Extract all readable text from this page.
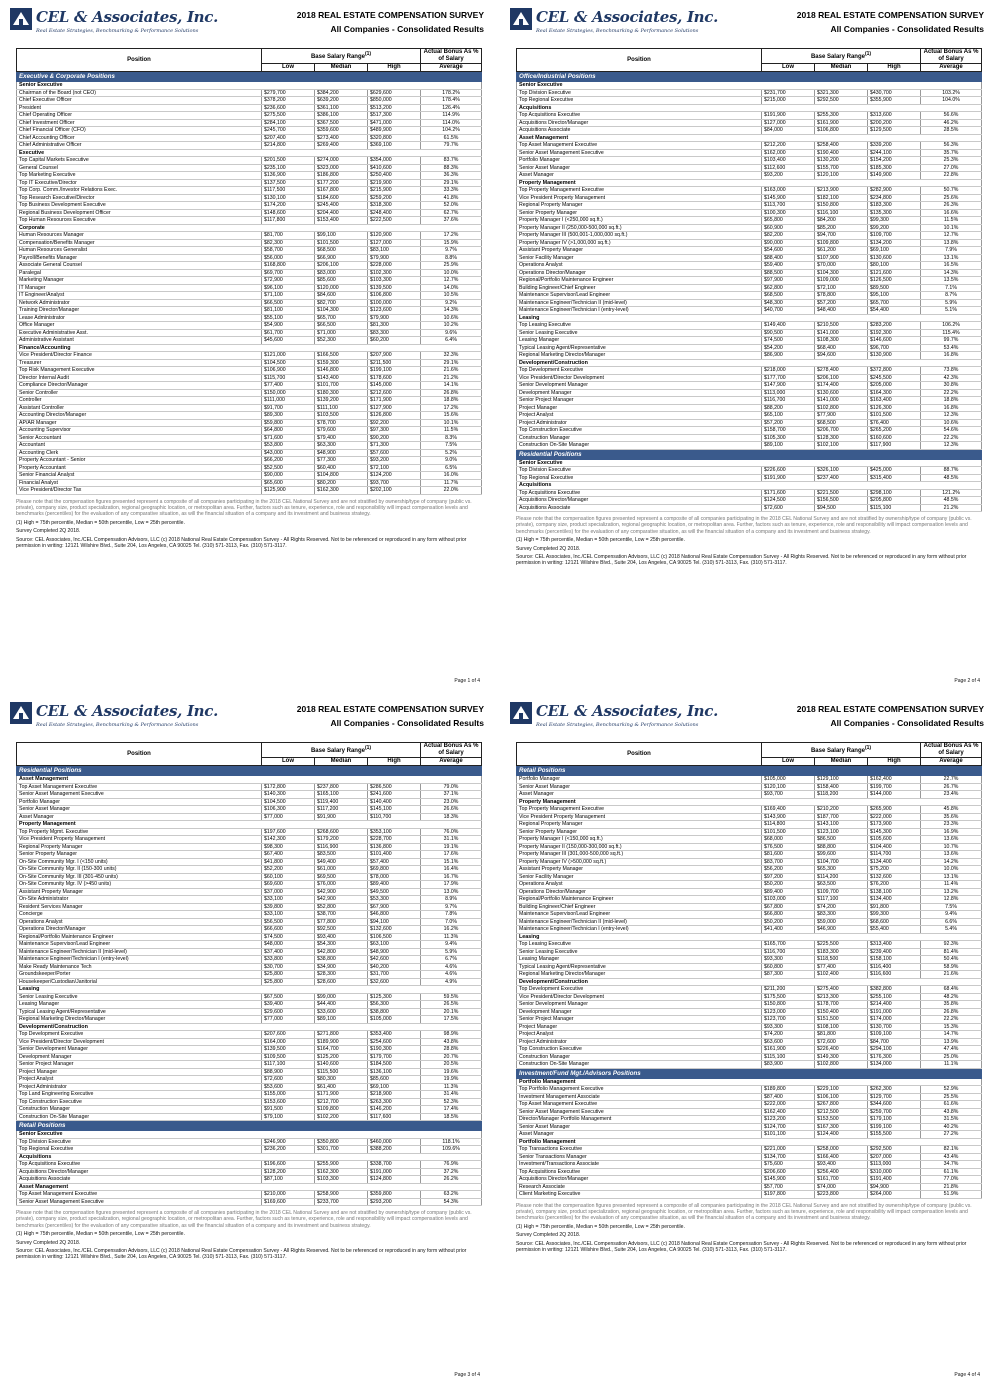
CEL & Associates, Inc.
Real Estate Strategies, Benchmarking & Performance Solutions
2018 REAL ESTATE COMPENSATION SURVEY
All Companies - Consolidated Results
Position	Base Salary Range$^{(1)}$			Actual Bonus As % of Salary
	Low	Median	High	Average
Executive & Corporate Positions				
Senior Executive				
Chairman of the Board (not CEO)	$279,700	$384,200	$629,600	178.2%
Chief Executive Officer	$378,200	$639,200	$850,000	178.4%
President	$236,600	$361,100	$513,200	126.4%
Chief Operating Officer	$275,500	$386,100	$517,300	114.9%
Chief Investment Officer	$284,100	$367,500	$471,000	114.0%
Chief Financial Officer (CFO)	$245,700	$359,600	$489,900	104.2%
Chief Accounting Officer	$207,400	$273,400	$320,800	61.5%
Chief Administrative Officer	$214,800	$269,400	$369,100	79.7%
Executive				
Top Capital Markets Executive	$201,500	$274,000	$354,000	83.7%
General Counsel	$235,100	$323,000	$410,600	88.3%
Top Marketing Executive	$136,900	$186,800	$250,400	36.3%
Top IT Executive/Director	$137,500	$177,200	$219,900	29.1%
Top Corp. Comm./Investor Relations Exec.	$117,500	$167,800	$215,900	33.3%
Top Research Executive/Director	$130,100	$184,600	$259,200	41.8%
Top Business Development Executive	$174,200	$245,400	$318,300	52.0%
Regional Business Development Officer	$148,600	$204,400	$248,400	62.7%
Top Human Resources Executive	$117,800	$153,400	$222,500	37.6%
Corporate				
Human Resources Manager	$81,700	$99,100	$120,900	17.2%
Compensation/Benefits Manager	$82,300	$101,500	$127,000	15.9%
Human Resources Generalist	$58,700	$68,500	$83,100	9.7%
Payroll/Benefits Manager	$56,000	$66,900	$79,900	8.8%
Associate General Counsel	$168,800	$206,100	$228,000	25.9%
Paralegal	$69,700	$83,000	$102,300	10.0%
Marketing Manager	$72,900	$85,600	$103,300	12.7%
IT Manager	$96,100	$120,000	$139,500	14.0%
IT Engineer/Analyst	$71,100	$84,600	$106,800	10.5%
Network Administrator	$66,500	$82,700	$100,000	9.2%
Training Director/Manager	$81,100	$104,300	$123,600	14.3%
Lease Administrator	$55,100	$65,700	$79,900	10.6%
Office Manager	$54,900	$66,500	$81,300	10.2%
Executive Administrative Asst.	$61,700	$71,000	$83,300	9.6%
Administrative Assistant	$45,600	$52,300	$60,200	6.4%
Finance/Accounting				
Vice President/Director Finance	$121,000	$166,500	$207,900	32.3%
Treasurer	$104,500	$159,300	$211,500	29.1%
Top Risk Management Executive	$106,900	$146,800	$199,100	21.6%
Director Internal Audit	$115,700	$143,400	$178,600	21.2%
Compliance Director/Manager	$77,400	$101,700	$145,000	14.1%
Senior Controller	$150,000	$180,300	$212,600	26.8%
Controller	$111,000	$139,200	$171,900	18.8%
Assistant Controller	$91,700	$111,100	$127,900	17.2%
Accounting Director/Manager	$89,300	$103,500	$126,800	15.6%
AP/AR Manager	$59,800	$78,700	$92,200	10.1%
Accounting Supervisor	$64,800	$79,600	$97,300	11.5%
Senior Accountant	$71,600	$79,400	$90,200	8.3%
Accountant	$53,800	$63,300	$71,300	7.5%
Accounting Clerk	$43,000	$48,900	$57,600	5.2%
Property Accountant - Senior	$66,200	$77,300	$93,200	9.0%
Property Accountant	$52,500	$60,400	$72,100	6.5%
Senior Financial Analyst	$90,000	$104,800	$124,200	16.0%
Financial Analyst	$65,600	$80,200	$93,700	11.7%
Vice President/Director Tax	$125,900	$162,300	$202,100	22.0%
Please note that the compensation figures presented represent a composite of all companies participating in the 2018 CEL National Survey and are not stratified by ownership/type of company (public vs. private), company size, product specialization, regional geographic location, or metropolitan area. Further, factors such as tenure, experience, role and responsibility will impact compensation levels and benchmarks (percentiles) for the evaluation of any comparative situation, as will the financial situation of a company and its investment and business strategy.
(1) High = 75th percentile, Median = 50th percentile, Low = 25th percentile.
Survey Completed 2Q 2018.
Source: CEL Associates, Inc./CEL Compensation Advisors, LLC (c) 2018 National Real Estate Compensation Survey - All Rights Reserved. Not to be referenced or reproduced in any form without prior permission in writing: 12121 Wilshire Blvd., Suite 204, Los Angeles, CA 90025 Tel. (310) 571-3113, Fax. (310) 571-3117.
Page 1 of 4
CEL & Associates, Inc.
Real Estate Strategies, Benchmarking & Performance Solutions
2018 REAL ESTATE COMPENSATION SURVEY
All Companies - Consolidated Results
Position	Base Salary Range$^{(1)}$			Actual Bonus As % of Salary
	Low	Median	High	Average
Office/Industrial Positions				
Senior Executive				
Top Division Executive	$231,700	$321,300	$430,700	103.2%
Top Regional Executive	$215,000	$292,500	$355,900	104.0%
Acquisitions				
Top Acquisitions Executive	$191,900	$255,300	$313,600	56.6%
Acquisitions Director/Manager	$127,000	$161,900	$200,200	46.2%
Acquisitions Associate	$84,000	$106,800	$129,500	28.5%
Asset Management				
Top Asset Management Executive	$212,200	$258,400	$339,200	56.3%
Senior Asset Management Executive	$162,000	$190,400	$244,100	35.7%
Portfolio Manager	$103,400	$130,200	$154,200	25.3%
Senior Asset Manager	$112,600	$155,700	$185,300	27.0%
Asset Manager	$93,200	$120,100	$149,900	22.8%
Property Management				
Top Property Management Executive	$163,000	$213,900	$282,900	50.7%
Vice President Property Management	$145,900	$182,100	$234,800	25.6%
Regional Property Manager	$113,700	$150,800	$183,300	26.3%
Senior Property Manager	$100,300	$116,100	$135,300	16.6%
Property Manager I (<250,000 sq.ft.)	$65,800	$84,200	$99,300	11.5%
Property Manager II (250,000-500,000 sq.ft.)	$60,900	$85,200	$99,200	10.1%
Property Manager III (500,001-1,000,000 sq.ft.)	$82,200	$94,700	$109,700	12.7%
Property Manager IV (>1,000,000 sq.ft.)	$90,000	$109,800	$134,200	13.8%
Assistant Property Manager	$54,600	$61,200	$69,100	7.9%
Senior Facility Manager	$88,400	$107,900	$130,600	13.1%
Operations Analyst	$59,400	$70,000	$80,100	16.5%
Operations Director/Manager	$88,500	$104,300	$121,600	14.3%
Regional/Portfolio Maintenance Engineer	$97,900	$109,000	$126,500	13.5%
Building Engineer/Chief Engineer	$62,800	$72,100	$89,500	7.1%
Maintenance Supervisor/Lead Engineer	$68,500	$78,800	$95,100	8.7%
Maintenance Engineer/Technician II (mid-level)	$48,300	$57,200	$65,700	5.9%
Maintenance Engineer/Technician I (entry-level)	$40,700	$48,400	$54,400	5.1%
Leasing				
Top Leasing Executive	$149,400	$210,500	$283,200	106.2%
Senior Leasing Executive	$90,500	$141,000	$192,300	115.4%
Leasing Manager	$74,500	$108,300	$146,600	99.7%
Typical Leasing Agent/Representative	$54,200	$68,400	$96,700	53.4%
Regional Marketing Director/Manager	$86,900	$94,600	$130,900	16.8%
Development/Construction				
Top Development Executive	$218,000	$278,400	$372,800	73.8%
Vice President/Director Development	$177,700	$206,100	$245,500	42.3%
Senior Development Manager	$147,900	$174,400	$205,000	30.8%
Development Manager	$113,000	$130,600	$164,300	22.2%
Senior Project Manager	$116,700	$141,000	$163,400	18.8%
Project Manager	$88,200	$102,800	$126,300	16.8%
Project Analyst	$65,100	$77,900	$101,500	12.3%
Project Administrator	$57,200	$68,500	$76,400	10.6%
Top Construction Executive	$158,700	$206,700	$265,200	54.6%
Construction Manager	$105,300	$128,300	$160,600	22.2%
Construction On-Site Manager	$89,100	$102,100	$117,900	12.3%
Residential Positions				
Senior Executive				
Top Division Executive	$226,600	$326,100	$425,000	88.7%
Top Regional Executive	$191,900	$237,400	$315,400	48.5%
Acquisitions				
Top Acquisitions Executive	$171,600	$221,500	$298,100	121.2%
Acquisitions Director/Manager	$124,500	$156,500	$205,800	48.5%
Acquisitions Associate	$72,600	$94,500	$115,100	21.2%
Please note that the compensation figures presented represent a composite of all companies participating in the 2018 CEL National Survey and are not stratified by ownership/type of company (public vs. private), company size, product specialization, regional geographic location, or metropolitan area. Further, factors such as tenure, experience, role and responsibility will impact compensation levels and benchmarks (percentiles) for the evaluation of any comparative situation, as will the financial situation of a company and its investment and business strategy.
(1) High = 75th percentile, Median = 50th percentile, Low = 25th percentile.
Survey Completed 2Q 2018.
Source: CEL Associates, Inc./CEL Compensation Advisors, LLC (c) 2018 National Real Estate Compensation Survey - All Rights Reserved. Not to be referenced or reproduced in any form without prior permission in writing: 12121 Wilshire Blvd., Suite 204, Los Angeles, CA 90025 Tel. (310) 571-3113, Fax. (310) 571-3117.
Page 2 of 4
CEL & Associates, Inc.
Real Estate Strategies, Benchmarking & Performance Solutions
2018 REAL ESTATE COMPENSATION SURVEY
All Companies - Consolidated Results
Position	Base Salary Range$^{(1)}$			Actual Bonus As % of Salary
	Low	Median	High	Average
Residential Positions				
Asset Management				
Top Asset Management Executive	$172,800	$237,800	$286,500	79.0%
Senior Asset Management Executive	$140,300	$165,100	$241,600	37.1%
Portfolio Manager	$104,500	$119,400	$140,400	23.0%
Senior Asset Manager	$106,300	$117,200	$145,100	26.6%
Asset Manager	$77,000	$91,900	$110,700	18.3%
Property Management				
Top Property Mgmt. Executive	$197,600	$268,600	$353,100	76.0%
Vice President Property Management	$142,300	$179,200	$228,700	31.1%
Regional Property Manager	$98,300	$116,900	$136,800	19.1%
Senior Property Manager	$67,400	$83,500	$101,400	17.6%
On-Site Community Mgr. I (<150 units)	$41,800	$49,400	$57,400	15.1%
On-Site Community Mgr. II (150-300 units)	$52,200	$61,000	$69,800	16.4%
On-Site Community Mgr. III (301-450 units)	$60,100	$69,500	$78,000	16.7%
On-Site Community Mgr. IV (>450 units)	$69,600	$76,000	$89,400	17.9%
Assistant Property Manager	$37,000	$42,900	$49,500	13.0%
On-Site Administrator	$33,100	$42,900	$53,300	8.9%
Resident Services Manager	$39,800	$52,800	$67,900	9.7%
Concierge	$33,100	$38,700	$46,800	7.8%
Operations Analyst	$56,500	$77,800	$94,100	7.0%
Operations Director/Manager	$66,600	$92,500	$132,600	16.2%
Regional/Portfolio Maintenance Engineer	$74,500	$93,400	$106,500	11.3%
Maintenance Supervisor/Lead Engineer	$48,000	$54,300	$63,100	9.4%
Maintenance Engineer/Technician II (mid-level)	$37,400	$42,800	$48,900	5.9%
Maintenance Engineer/Technician I (entry-level)	$33,800	$38,800	$42,600	6.7%
Make Ready Maintenance Tech	$30,700	$34,900	$40,200	4.6%
Groundskeeper/Porter	$25,800	$28,300	$31,700	4.6%
Housekeeper/Custodian/Janitorial	$25,800	$28,600	$32,600	4.9%
Leasing				
Senior Leasing Executive	$67,500	$99,000	$125,300	59.5%
Leasing Manager	$39,400	$44,400	$56,300	26.5%
Typical Leasing Agent/Representative	$29,600	$33,600	$38,800	20.1%
Regional Marketing Director/Manager	$77,000	$89,100	$105,000	17.5%
Development/Construction				
Top Development Executive	$207,600	$271,800	$353,400	98.9%
Vice President/Director Development	$164,000	$189,900	$254,600	43.8%
Senior Development Manager	$139,500	$164,700	$190,300	28.8%
Development Manager	$109,500	$125,200	$179,700	20.7%
Senior Project Manager	$117,100	$140,600	$184,500	20.5%
Project Manager	$88,900	$115,500	$136,100	19.6%
Project Analyst	$72,600	$80,300	$85,600	19.9%
Project Administrator	$53,600	$61,400	$69,100	11.3%
Top Land Engineering Executive	$155,000	$171,900	$218,900	31.4%
Top Construction Executive	$153,600	$212,700	$263,300	52.3%
Construction Manager	$91,500	$109,800	$146,200	17.4%
Construction On-Site Manager	$79,100	$102,200	$117,600	18.5%
Retail Positions				
Senior Executive				
Top Division Executive	$246,900	$350,800	$460,000	118.1%
Top Regional Executive	$236,200	$301,700	$388,200	109.6%
Acquisitions				
Top Acquisitions Executive	$196,600	$255,900	$338,700	76.9%
Acquisitions Director/Manager	$128,200	$162,300	$191,000	37.2%
Acquisitions Associate	$87,100	$103,300	$124,800	26.2%
Asset Management				
Top Asset Management Executive	$210,000	$258,900	$359,800	63.2%
Senior Asset Management Executive	$169,600	$233,700	$293,200	54.3%
Please note that the compensation figures presented represent a composite of all companies participating in the 2018 CEL National Survey and are not stratified by ownership/type of company (public vs. private), company size, product specialization, regional geographic location, or metropolitan area. Further, factors such as tenure, experience, role and responsibility will impact compensation levels and benchmarks (percentiles) for the evaluation of any comparative situation, as will the financial situation of a company and its investment and business strategy.
(1) High = 75th percentile, Median = 50th percentile, Low = 25th percentile.
Survey Completed 2Q 2018.
Source: CEL Associates, Inc./CEL Compensation Advisors, LLC (c) 2018 National Real Estate Compensation Survey - All Rights Reserved. Not to be referenced or reproduced in any form without prior permission in writing: 12121 Wilshire Blvd., Suite 204, Los Angeles, CA 90025 Tel. (310) 571-3113, Fax. (310) 571-3117.
Page 3 of 4
CEL & Associates, Inc.
Real Estate Strategies, Benchmarking & Performance Solutions
2018 REAL ESTATE COMPENSATION SURVEY
All Companies - Consolidated Results
Position	Base Salary Range$^{(1)}$			Actual Bonus As % of Salary
	Low	Median	High	Average
Retail Positions				
Portfolio Manager	$105,000	$129,100	$162,400	22.7%
Senior Asset Manager	$120,100	$158,400	$199,700	26.7%
Asset Manager	$93,700	$118,200	$144,000	23.4%
Property Management				
Top Property Management Executive	$169,400	$210,200	$265,900	45.8%
Vice President Property Management	$143,900	$187,700	$222,000	35.6%
Regional Property Manager	$114,800	$143,100	$173,900	23.3%
Senior Property Manager	$101,500	$123,100	$145,300	16.9%
Property Manager I (<150,000 sq.ft.)	$68,000	$86,500	$105,600	13.6%
Property Manager II (150,000-300,000 sq.ft.)	$76,500	$88,800	$104,400	10.7%
Property Manager III (301,000-500,000 sq.ft.)	$81,600	$99,600	$114,700	13.6%
Property Manager IV (>500,000 sq.ft.)	$83,700	$104,700	$134,400	14.2%
Assistant Property Manager	$56,200	$65,300	$75,200	10.0%
Senior Facility Manager	$97,200	$114,200	$132,600	13.1%
Operations Analyst	$50,200	$63,500	$76,200	11.4%
Operations Director/Manager	$89,400	$109,700	$138,100	13.2%
Regional/Portfolio Maintenance Engineer	$103,000	$117,100	$134,400	12.8%
Building Engineer/Chief Engineer	$67,800	$74,200	$91,800	7.5%
Maintenance Supervisor/Lead Engineer	$66,800	$83,300	$99,300	9.4%
Maintenance Engineer/Technician II (mid-level)	$50,200	$59,000	$68,600	6.6%
Maintenance Engineer/Technician I (entry-level)	$41,400	$46,900	$55,400	5.4%
Leasing				
Top Leasing Executive	$165,700	$225,500	$313,400	92.3%
Senior Leasing Executive	$116,700	$183,300	$239,400	81.4%
Leasing Manager	$93,300	$118,500	$158,100	50.4%
Typical Leasing Agent/Representative	$60,800	$77,400	$116,400	58.9%
Regional Marketing Director/Manager	$87,300	$102,400	$116,600	21.6%
Development/Construction				
Top Development Executive	$211,200	$275,400	$382,800	68.4%
Vice President/Director Development	$175,500	$213,300	$255,100	48.2%
Senior Development Manager	$150,800	$178,700	$214,400	35.8%
Development Manager	$123,000	$150,400	$191,000	26.8%
Senior Project Manager	$123,700	$151,500	$174,000	22.2%
Project Manager	$93,300	$108,100	$130,700	15.3%
Project Analyst	$74,200	$81,800	$109,100	14.7%
Project Administrator	$63,600	$72,600	$84,700	13.9%
Top Construction Executive	$161,900	$226,400	$294,100	47.4%
Construction Manager	$115,100	$149,300	$176,300	25.0%
Construction On-Site Manager	$83,900	$102,800	$134,000	11.1%
Investment/Fund Mgt./Advisors Positions				
Portfolio Management				
Top Portfolio Management Executive	$189,800	$229,100	$262,300	52.9%
Investment Management Associate	$87,400	$106,100	$129,700	25.5%
Top Asset Management Executive	$222,000	$267,800	$344,600	61.6%
Senior Asset Management Executive	$162,400	$212,500	$259,700	43.8%
Director/Manager Portfolio Management	$123,200	$153,500	$179,100	31.5%
Senior Asset Manager	$124,700	$167,300	$199,100	40.2%
Asset Manager	$101,100	$124,400	$155,500	27.2%
Portfolio Management				
Top Transactions Executive	$221,000	$258,000	$292,500	82.1%
Senior Transactions Manager	$134,700	$166,400	$207,000	43.4%
Investment/Transactions Associate	$75,600	$93,400	$113,000	34.7%
Top Acquisitions Executive	$206,600	$256,400	$310,000	61.1%
Acquisitions Director/Manager	$145,900	$161,700	$191,400	77.0%
Research Associate	$57,700	$74,000	$94,900	21.8%
Client Marketing Executive	$197,800	$223,800	$264,000	51.9%
Please note that the compensation figures presented represent a composite of all companies participating in the 2018 CEL National Survey and are not stratified by ownership/type of company (public vs. private), company size, product specialization, regional geographic location, or metropolitan area. Further, factors such as tenure, experience, role and responsibility will impact compensation levels and benchmarks (percentiles) for the evaluation of any comparative situation, as will the financial situation of a company and its investment and business strategy.
(1) High = 75th percentile, Median = 50th percentile, Low = 25th percentile.
Survey Completed 2Q 2018.
Source: CEL Associates, Inc./CEL Compensation Advisors, LLC (c) 2018 National Real Estate Compensation Survey - All Rights Reserved. Not to be referenced or reproduced in any form without prior permission in writing: 12121 Wilshire Blvd., Suite 204, Los Angeles, CA 90025 Tel. (310) 571-3113, Fax. (310) 571-3117.
Page 4 of 4
